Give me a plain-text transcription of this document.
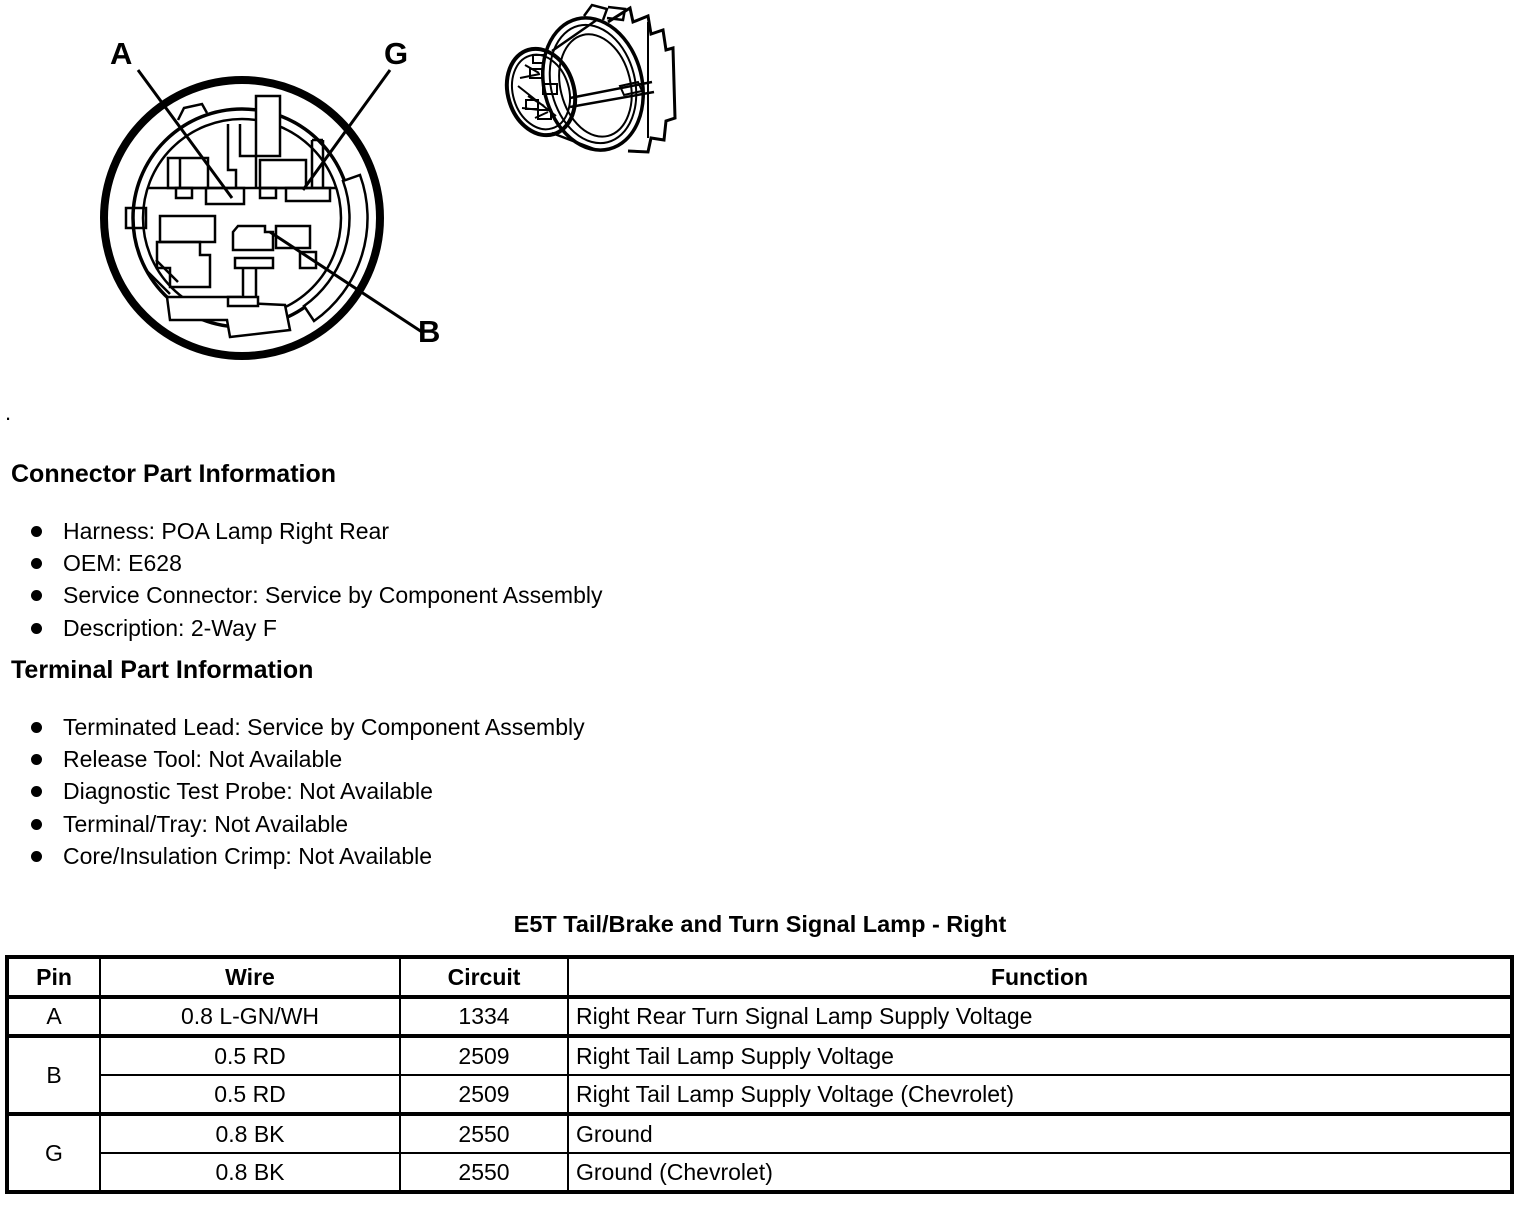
A	G
B
.
Connector Part Information
Harness: POA Lamp Right Rear
OEM: E628
Service Connector: Service by Component Assembly
Description: 2-Way F
Terminal Part Information
Terminated Lead: Service by Component Assembly
Release Tool: Not Available
Diagnostic Test Probe: Not Available
Terminal/Tray: Not Available
Core/Insulation Crimp: Not Available
E5T Tail/Brake and Turn Signal Lamp - Right
Pin	Wire	Circuit	Function
A	0.8 L-GN/WH	1334	Right Rear Turn Signal Lamp Supply Voltage
B	0.5 RD	2509	Right Tail Lamp Supply Voltage
	0.5 RD	2509	Right Tail Lamp Supply Voltage (Chevrolet)
G	0.8 BK	2550	Ground
	0.8 BK	2550	Ground (Chevrolet)
